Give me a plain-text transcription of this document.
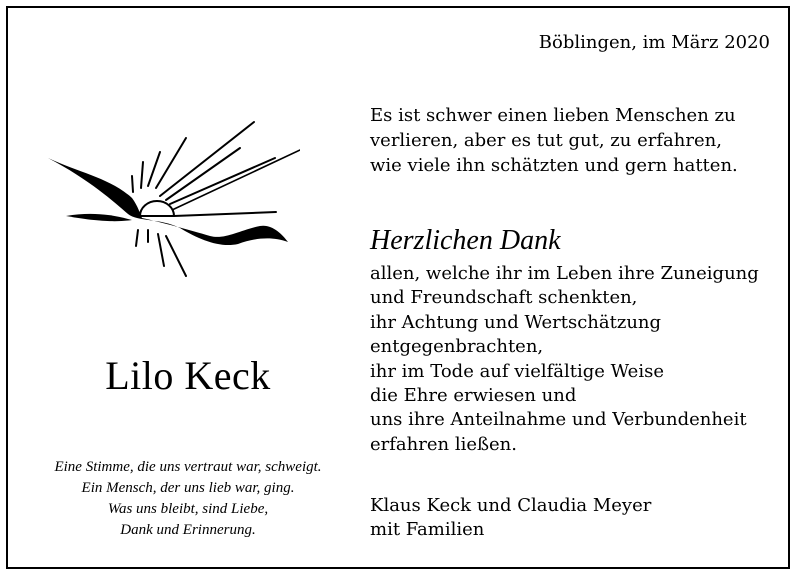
Böblingen, im März 2020
Es ist schwer einen lieben Menschen zu
verlieren, aber es tut gut, zu erfahren,
wie viele ihn schätzten und gern hatten.
Herzlichen Dank
allen, welche ihr im Leben ihre Zuneigung
und Freundschaft schenkten,
ihr Achtung und Wertschätzung
entgegenbrachten,
ihr im Tode auf vielfältige Weise
die Ehre erwiesen und
uns ihre Anteilnahme und Verbundenheit
erfahren ließen.
Klaus Keck und Claudia Meyer
mit Familien
Lilo Keck
Eine Stimme, die uns vertraut war, schweigt.
Ein Mensch, der uns lieb war, ging.
Was uns bleibt, sind Liebe,
Dank und Erinnerung.
